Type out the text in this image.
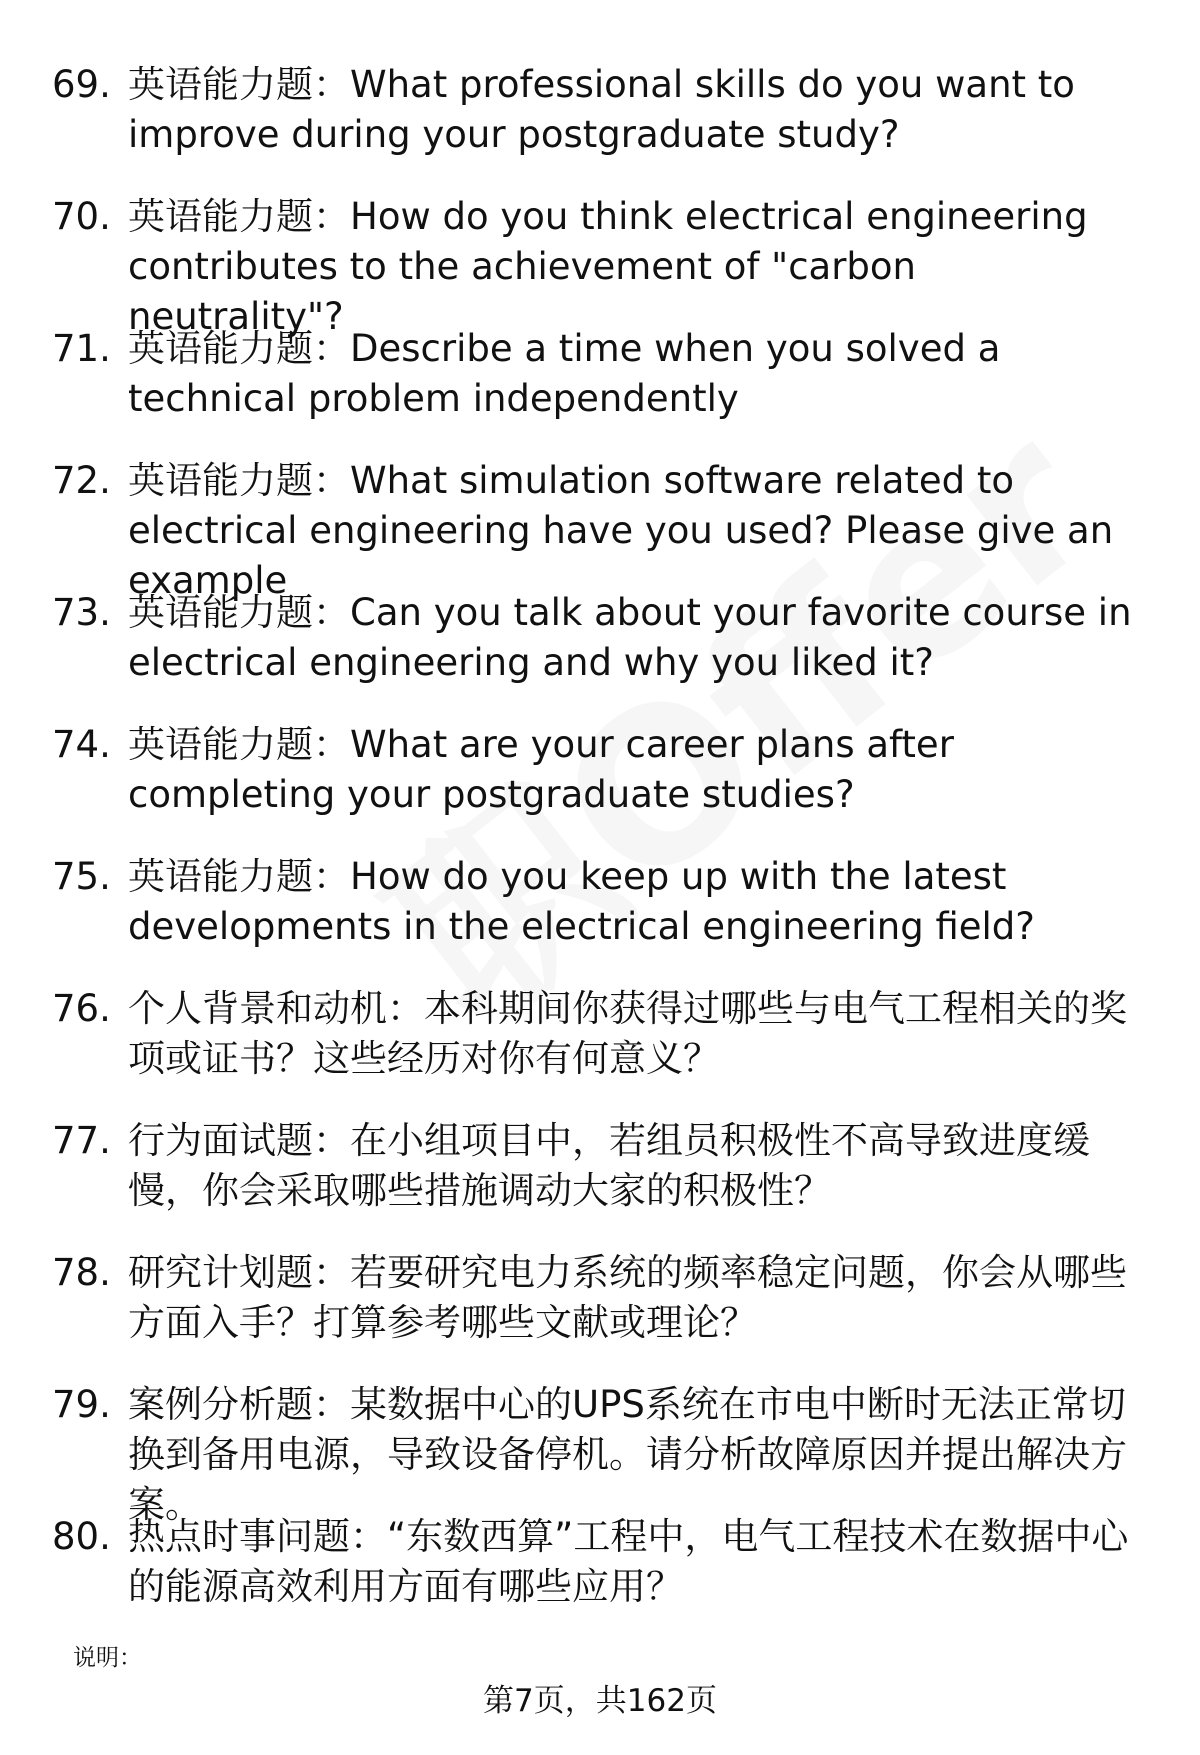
69. 英语能力题：What professional skills do you want to improve during your postgraduate study?
70. 英语能力题：How do you think electrical engineering contributes to the achievement of "carbon neutrality"?
71. 英语能力题：Describe a time when you solved a technical problem independently
72. 英语能力题：What simulation software related to electrical engineering have you used? Please give an example
73. 英语能力题：Can you talk about your favorite course in electrical engineering and why you liked it?
74. 英语能力题：What are your career plans after completing your postgraduate studies?
75. 英语能力题：How do you keep up with the latest developments in the electrical engineering field?
76. 个人背景和动机：本科期间你获得过哪些与电气工程相关的奖项或证书？这些经历对你有何意义？
77. 行为面试题：在小组项目中，若组员积极性不高导致进度缓慢，你会采取哪些措施调动大家的积极性？
78. 研究计划题：若要研究电力系统的频率稳定问题，你会从哪些方面入手？打算参考哪些文献或理论？
79. 案例分析题：某数据中心的UPS系统在市电中断时无法正常切换到备用电源，导致设备停机。请分析故障原因并提出解决方案。
80. 热点时事问题：“东数西算”工程中，电气工程技术在数据中心的能源高效利用方面有哪些应用？
说明：
第7页，共162页
